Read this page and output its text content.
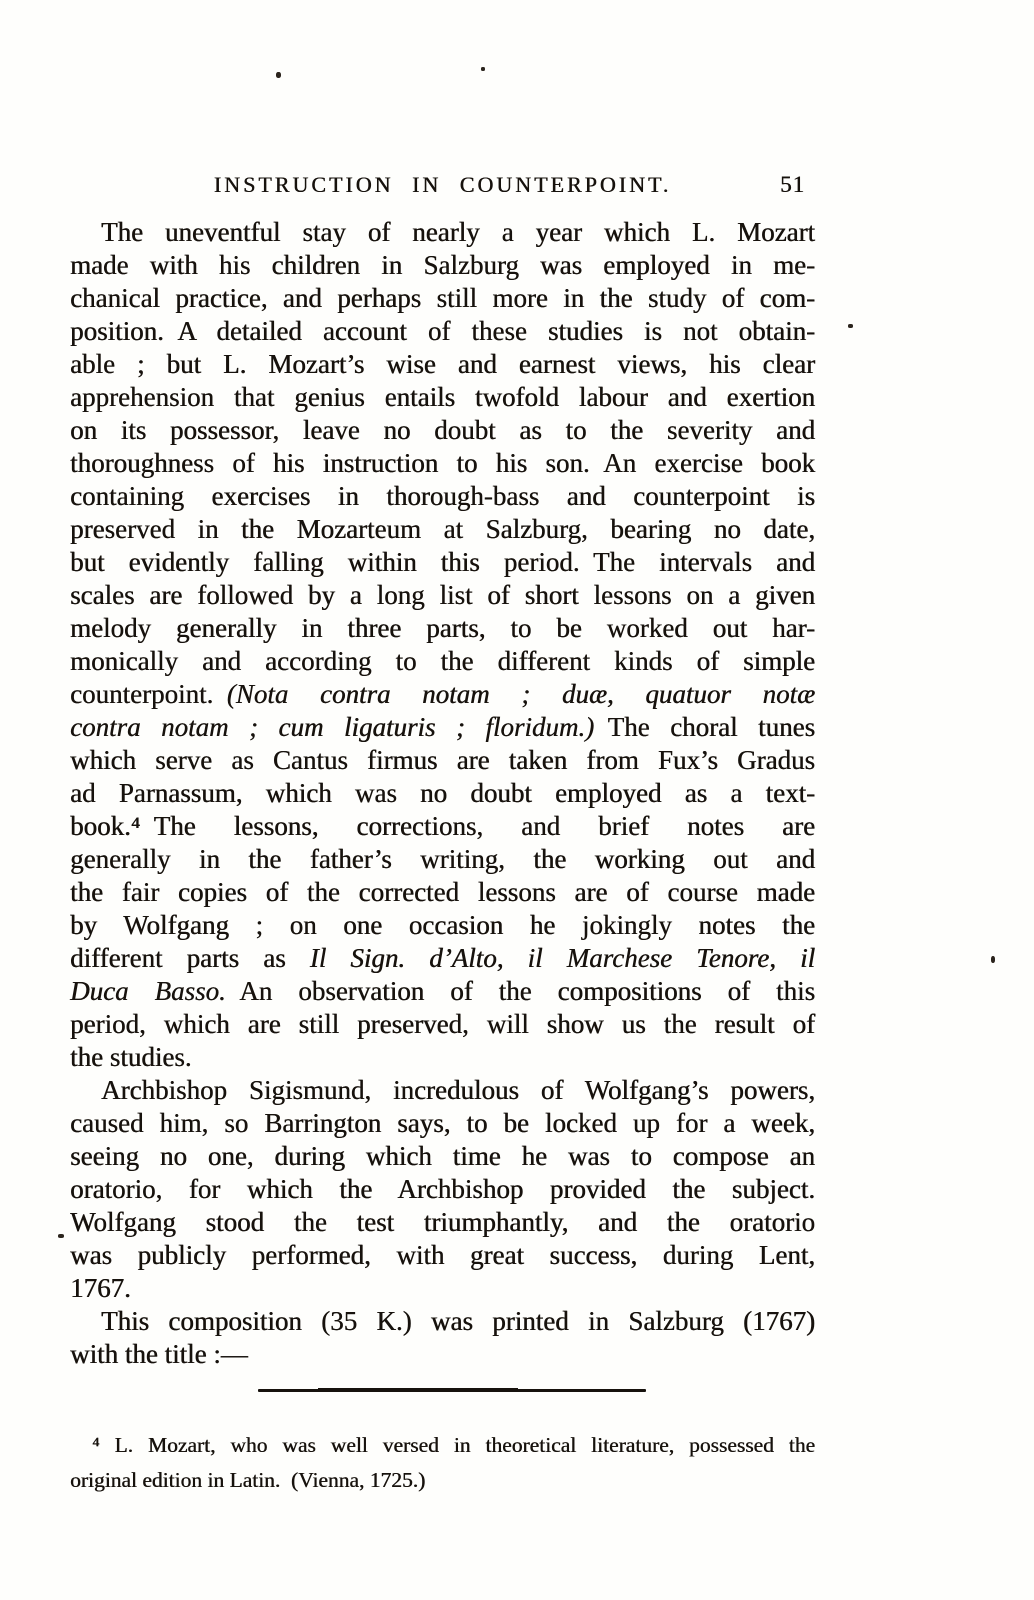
INSTRUCTION IN COUNTERPOINT.	51
The uneventful stay of nearly a year which L. Mozart
made with his children in Salzburg was employed in me-
chanical practice, and perhaps still more in the study of com-
position. A detailed account of these studies is not obtain-
able ; but L. Mozart’s wise and earnest views, his clear
apprehension that genius entails twofold labour and exertion
on its possessor, leave no doubt as to the severity and
thoroughness of his instruction to his son. An exercise book
containing exercises in thorough-bass and counterpoint is
preserved in the Mozarteum at Salzburg, bearing no date,
but evidently falling within this period. The intervals and
scales are followed by a long list of short lessons on a given
melody generally in three parts, to be worked out har-
monically and according to the different kinds of simple
counterpoint. (Nota contra notam ; duæ, quatuor notæ
contra notam ; cum ligaturis ; floridum.) The choral tunes
which serve as Cantus firmus are taken from Fux’s Gradus
ad Parnassum, which was no doubt employed as a text-
book.⁴ The lessons, corrections, and brief notes are
generally in the father’s writing, the working out and
the fair copies of the corrected lessons are of course made
by Wolfgang ; on one occasion he jokingly notes the
different parts as Il Sign. d’Alto, il Marchese Tenore, il
Duca Basso. An observation of the compositions of this
period, which are still preserved, will show us the result of
the studies.
Archbishop Sigismund, incredulous of Wolfgang’s powers,
caused him, so Barrington says, to be locked up for a week,
seeing no one, during which time he was to compose an
oratorio, for which the Archbishop provided the subject.
Wolfgang stood the test triumphantly, and the oratorio
was publicly performed, with great success, during Lent,
1767.
This composition (35 K.) was printed in Salzburg (1767)
with the title :—
⁴ L. Mozart, who was well versed in theoretical literature, possessed the
original edition in Latin. (Vienna, 1725.)
